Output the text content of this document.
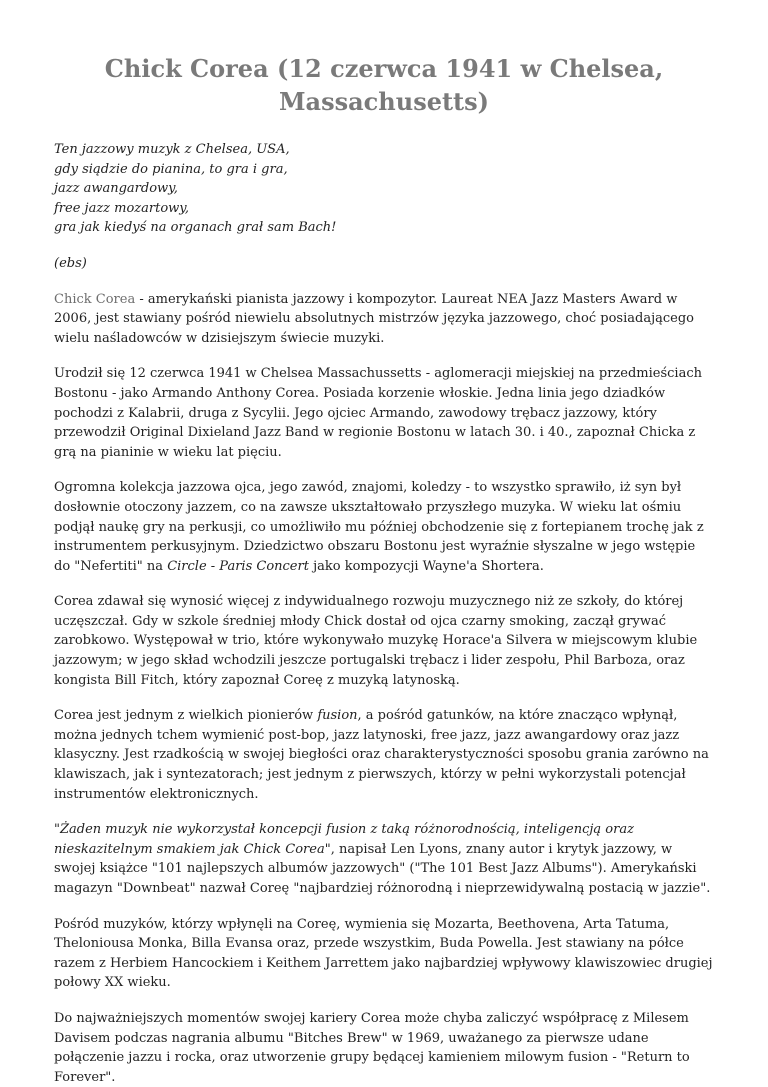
Chick Corea (12 czerwca 1941 w Chelsea, Massachusetts)
Ten jazzowy muzyk z Chelsea, USA,
gdy siądzie do pianina, to gra i gra,
jazz awangardowy,
free jazz mozartowy,
gra jak kiedyś na organach grał sam Bach!

(ebs)

Chick Corea - amerykański pianista jazzowy i kompozytor. Laureat NEA Jazz Masters Award w 2006, jest stawiany pośród niewielu absolutnych mistrzów języka jazzowego, choć posiadającego wielu naśladowców w dzisiejszym świecie muzyki.

Urodził się 12 czerwca 1941 w Chelsea Massachussetts - aglomeracji miejskiej na przedmieściach Bostonu - jako Armando Anthony Corea. Posiada korzenie włoskie. Jedna linia jego dziadków pochodzi z Kalabrii, druga z Sycylii. Jego ojciec Armando, zawodowy trębacz jazzowy, który przewodził Original Dixieland Jazz Band w regionie Bostonu w latach 30. i 40., zapoznał Chicka z grą na pianinie w wieku lat pięciu.

Ogromna kolekcja jazzowa ojca, jego zawód, znajomi, koledzy - to wszystko sprawiło, iż syn był dosłownie otoczony jazzem, co na zawsze ukształtowało przyszłego muzyka. W wieku lat ośmiu podjął naukę gry na perkusji, co umożliwiło mu później obchodzenie się z fortepianem trochę jak z instrumentem perkusyjnym. Dziedzictwo obszaru Bostonu jest wyraźnie słyszalne w jego wstępie do "Nefertiti" na Circle - Paris Concert jako kompozycji Wayne'a Shortera.

Corea zdawał się wynosić więcej z indywidualnego rozwoju muzycznego niż ze szkoły, do której uczęszczał. Gdy w szkole średniej młody Chick dostał od ojca czarny smoking, zaczął grywać zarobkowo. Występował w trio, które wykonywało muzykę Horace'a Silvera w miejscowym klubie jazzowym; w jego skład wchodzili jeszcze portugalski trębacz i lider zespołu, Phil Barboza, oraz kongista Bill Fitch, który zapoznał Coreę z muzyką latynoską.

Corea jest jednym z wielkich pionierów fusion, a pośród gatunków, na które znacząco wpłynął, można jednych tchem wymienić post-bop, jazz latynoski, free jazz, jazz awangardowy oraz jazz klasyczny. Jest rzadkością w swojej biegłości oraz charakterystyczności sposobu grania zarówno na klawiszach, jak i syntezatorach; jest jednym z pierwszych, którzy w pełni wykorzystali potencjał instrumentów elektronicznych.

"Żaden muzyk nie wykorzystał koncepcji fusion z taką różnorodnością, inteligencją oraz nieskazitelnym smakiem jak Chick Corea", napisał Len Lyons, znany autor i krytyk jazzowy, w swojej książce "101 najlepszych albumów jazzowych" ("The 101 Best Jazz Albums"). Amerykański magazyn "Downbeat" nazwał Coreę "najbardziej różnorodną i nieprzewidywalną postacią w jazzie".

Pośród muzyków, którzy wpłynęli na Coreę, wymienia się Mozarta, Beethovena, Arta Tatuma, Theloniousa Monka, Billa Evansa oraz, przede wszystkim, Buda Powella. Jest stawiany na półce razem z Herbiem Hancockiem i Keithem Jarrettem jako najbardziej wpływowy klawiszowiec drugiej połowy XX wieku.

Do najważniejszych momentów swojej kariery Corea może chyba zaliczyć współpracę z Milesem Davisem podczas nagrania albumu "Bitches Brew" w 1969, uważanego za pierwsze udane połączenie jazzu i rocka, oraz utworzenie grupy będącej kamieniem milowym fusion - "Return to Forever".
